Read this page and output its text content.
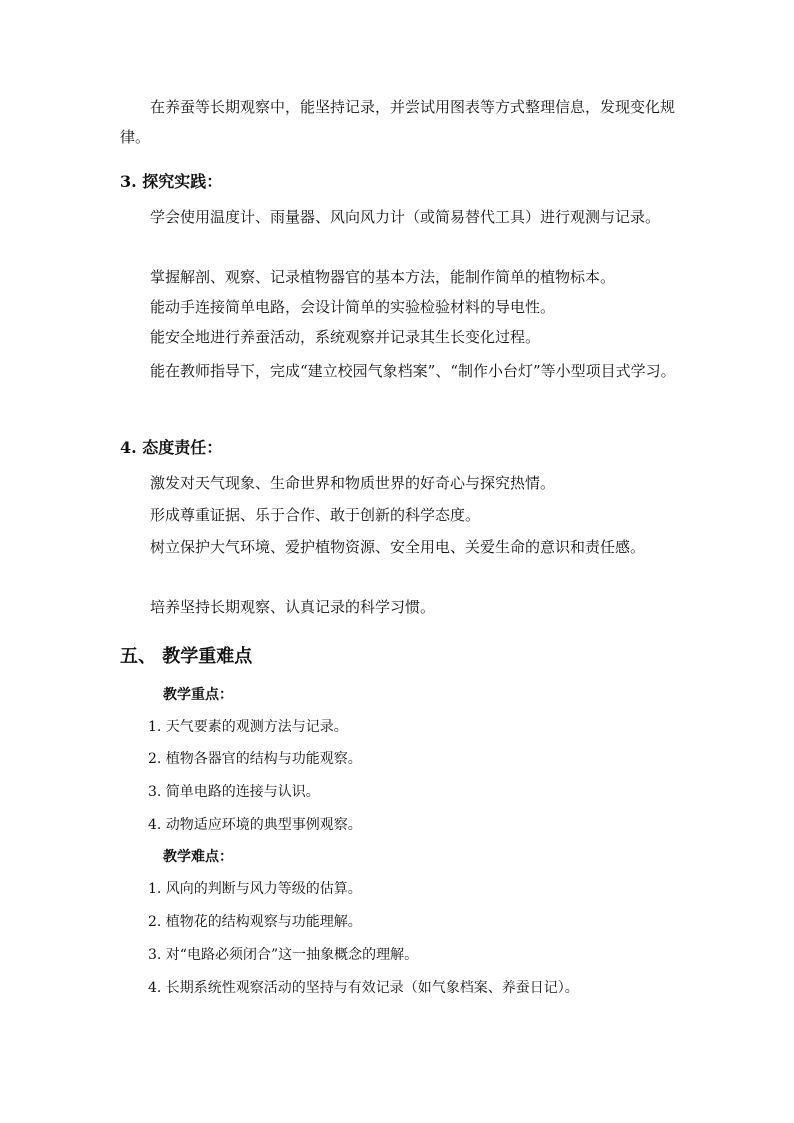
在养蚕等长期观察中，能坚持记录，并尝试用图表等方式整理信息，发现变化规律。

3. 探究实践：

学会使用温度计、雨量器、风向风力计（或简易替代工具）进行观测与记录。

掌握解剖、观察、记录植物器官的基本方法，能制作简单的植物标本。

能动手连接简单电路，会设计简单的实验检验材料的导电性。

能安全地进行养蚕活动，系统观察并记录其生长变化过程。

能在教师指导下，完成“建立校园气象档案”、“制作小台灯”等小型项目式学习。

4. 态度责任：

激发对天气现象、生命世界和物质世界的好奇心与探究热情。

形成尊重证据、乐于合作、敢于创新的科学态度。

树立保护大气环境、爱护植物资源、安全用电、关爱生命的意识和责任感。

培养坚持长期观察、认真记录的科学习惯。

五、 教学重难点

教学重点：

1. 天气要素的观测方法与记录。

2. 植物各器官的结构与功能观察。

3. 简单电路的连接与认识。

4. 动物适应环境的典型事例观察。

教学难点：

1. 风向的判断与风力等级的估算。

2. 植物花的结构观察与功能理解。

3. 对“电路必须闭合”这一抽象概念的理解。

4. 长期系统性观察活动的坚持与有效记录（如气象档案、养蚕日记）。
